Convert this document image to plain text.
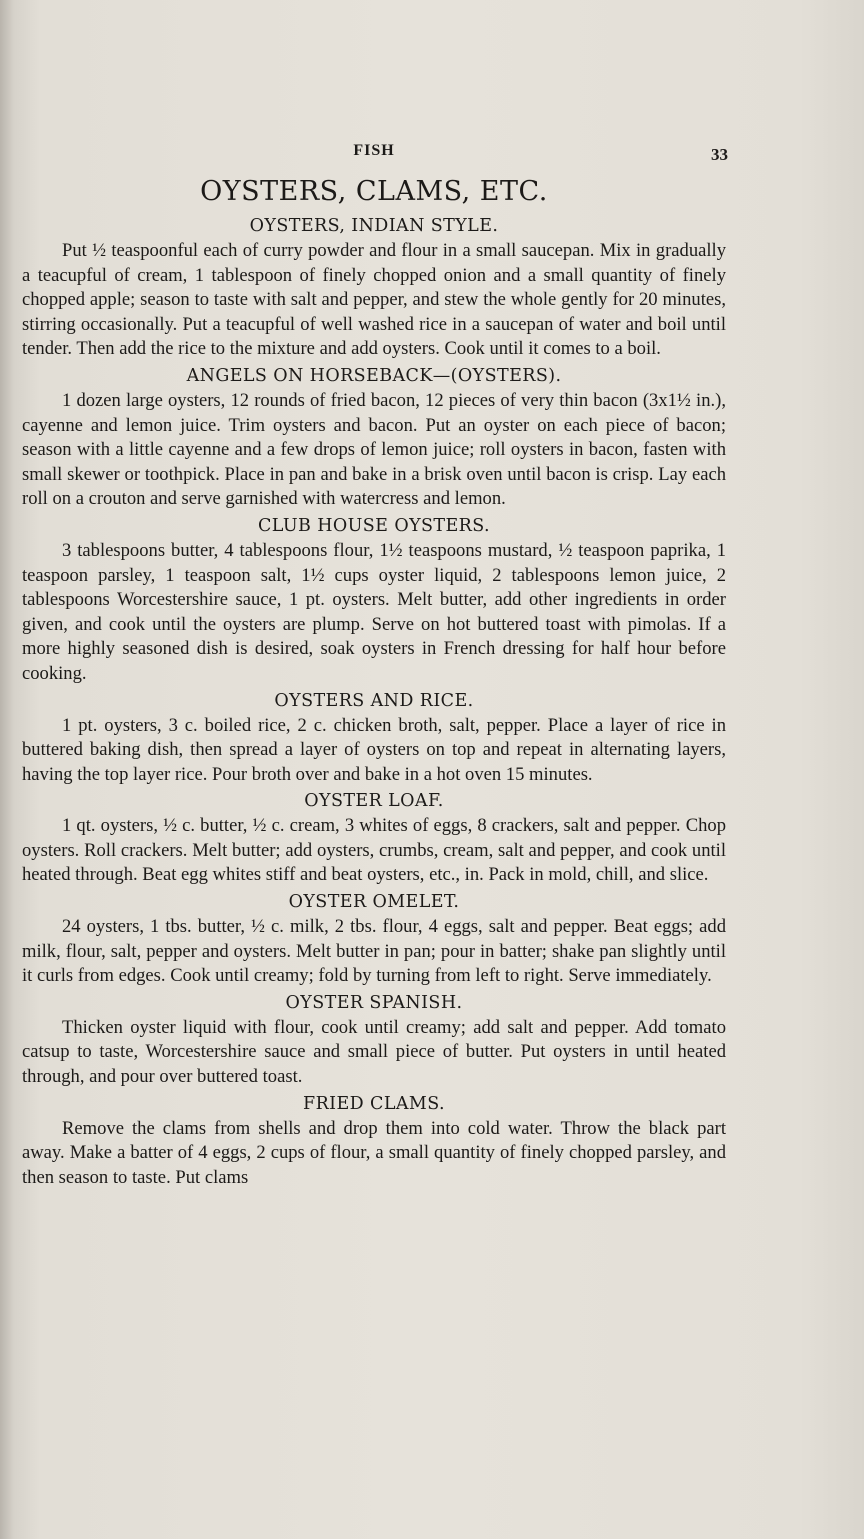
FISH	33
OYSTERS, CLAMS, ETC.
OYSTERS, INDIAN STYLE.

Put ½ teaspoonful each of curry powder and flour in a small saucepan. Mix in gradually a teacupful of cream, 1 tablespoon of finely chopped onion and a small quantity of finely chopped apple; season to taste with salt and pepper, and stew the whole gently for 20 minutes, stirring occasionally. Put a teacupful of well washed rice in a saucepan of water and boil until tender. Then add the rice to the mixture and add oysters. Cook until it comes to a boil.

ANGELS ON HORSEBACK—(OYSTERS).

1 dozen large oysters, 12 rounds of fried bacon, 12 pieces of very thin bacon (3x1½ in.), cayenne and lemon juice. Trim oysters and bacon. Put an oyster on each piece of bacon; season with a little cayenne and a few drops of lemon juice; roll oysters in bacon, fasten with small skewer or toothpick. Place in pan and bake in a brisk oven until bacon is crisp. Lay each roll on a crouton and serve garnished with watercress and lemon.

CLUB HOUSE OYSTERS.

3 tablespoons butter, 4 tablespoons flour, 1½ teaspoons mustard, ½ teaspoon paprika, 1 teaspoon parsley, 1 teaspoon salt, 1½ cups oyster liquid, 2 tablespoons lemon juice, 2 tablespoons Worcestershire sauce, 1 pt. oysters. Melt butter, add other ingredients in order given, and cook until the oysters are plump. Serve on hot buttered toast with pimolas. If a more highly seasoned dish is desired, soak oysters in French dressing for half hour before cooking.

OYSTERS AND RICE.

1 pt. oysters, 3 c. boiled rice, 2 c. chicken broth, salt, pepper. Place a layer of rice in buttered baking dish, then spread a layer of oysters on top and repeat in alternating layers, having the top layer rice. Pour broth over and bake in a hot oven 15 minutes.

OYSTER LOAF.

1 qt. oysters, ½ c. butter, ½ c. cream, 3 whites of eggs, 8 crackers, salt and pepper. Chop oysters. Roll crackers. Melt butter; add oysters, crumbs, cream, salt and pepper, and cook until heated through. Beat egg whites stiff and beat oysters, etc., in. Pack in mold, chill, and slice.

OYSTER OMELET.

24 oysters, 1 tbs. butter, ½ c. milk, 2 tbs. flour, 4 eggs, salt and pepper. Beat eggs; add milk, flour, salt, pepper and oysters. Melt butter in pan; pour in batter; shake pan slightly until it curls from edges. Cook until creamy; fold by turning from left to right. Serve immediately.

OYSTER SPANISH.

Thicken oyster liquid with flour, cook until creamy; add salt and pepper. Add tomato catsup to taste, Worcestershire sauce and small piece of butter. Put oysters in until heated through, and pour over buttered toast.

FRIED CLAMS.

Remove the clams from shells and drop them into cold water. Throw the black part away. Make a batter of 4 eggs, 2 cups of flour, a small quantity of finely chopped parsley, and then season to taste. Put clams
